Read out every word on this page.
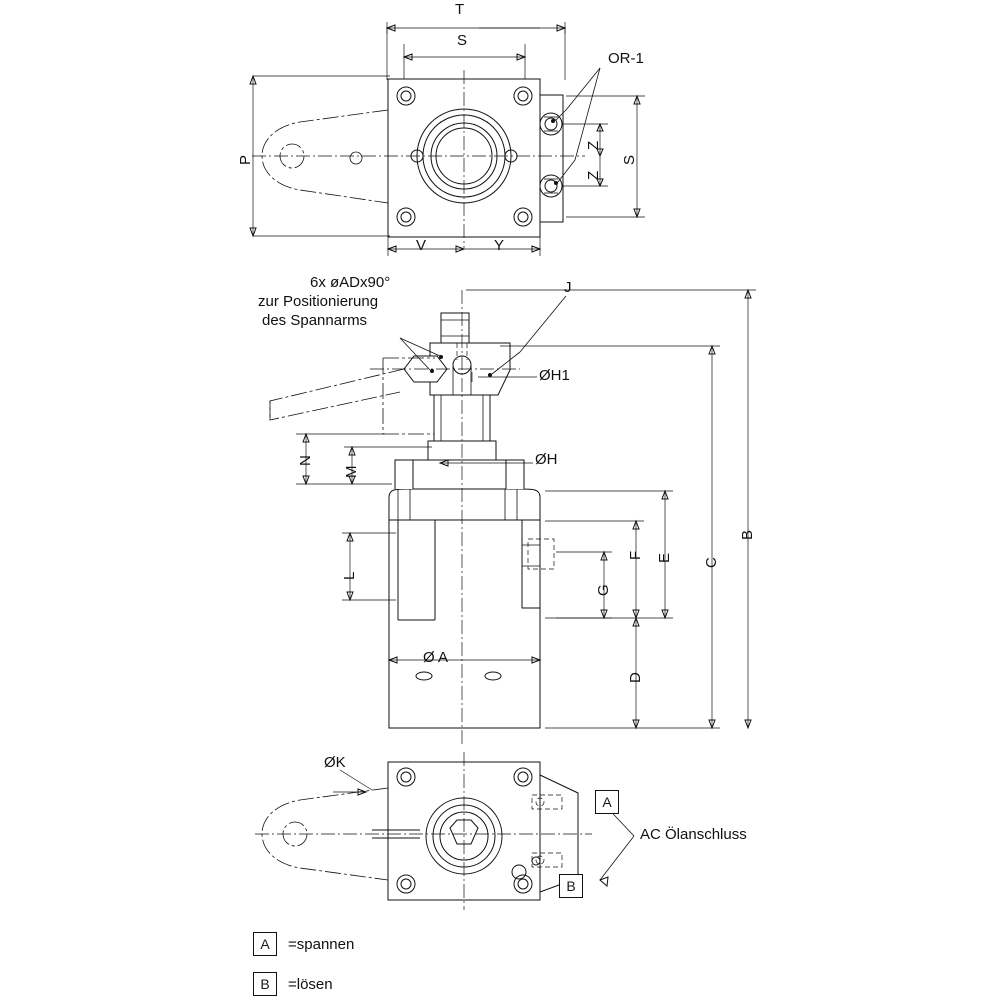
T
S
P	S
Z
Z
OR-1
V	Y
6x øADx90°
zur Positionierung
des Spannarms
J
ØH1
ØH
N
M
L
G
F E
D
C
B
Ø A
ØK
AC Ölanschluss
A
B
A	=spannen
B	=lösen
